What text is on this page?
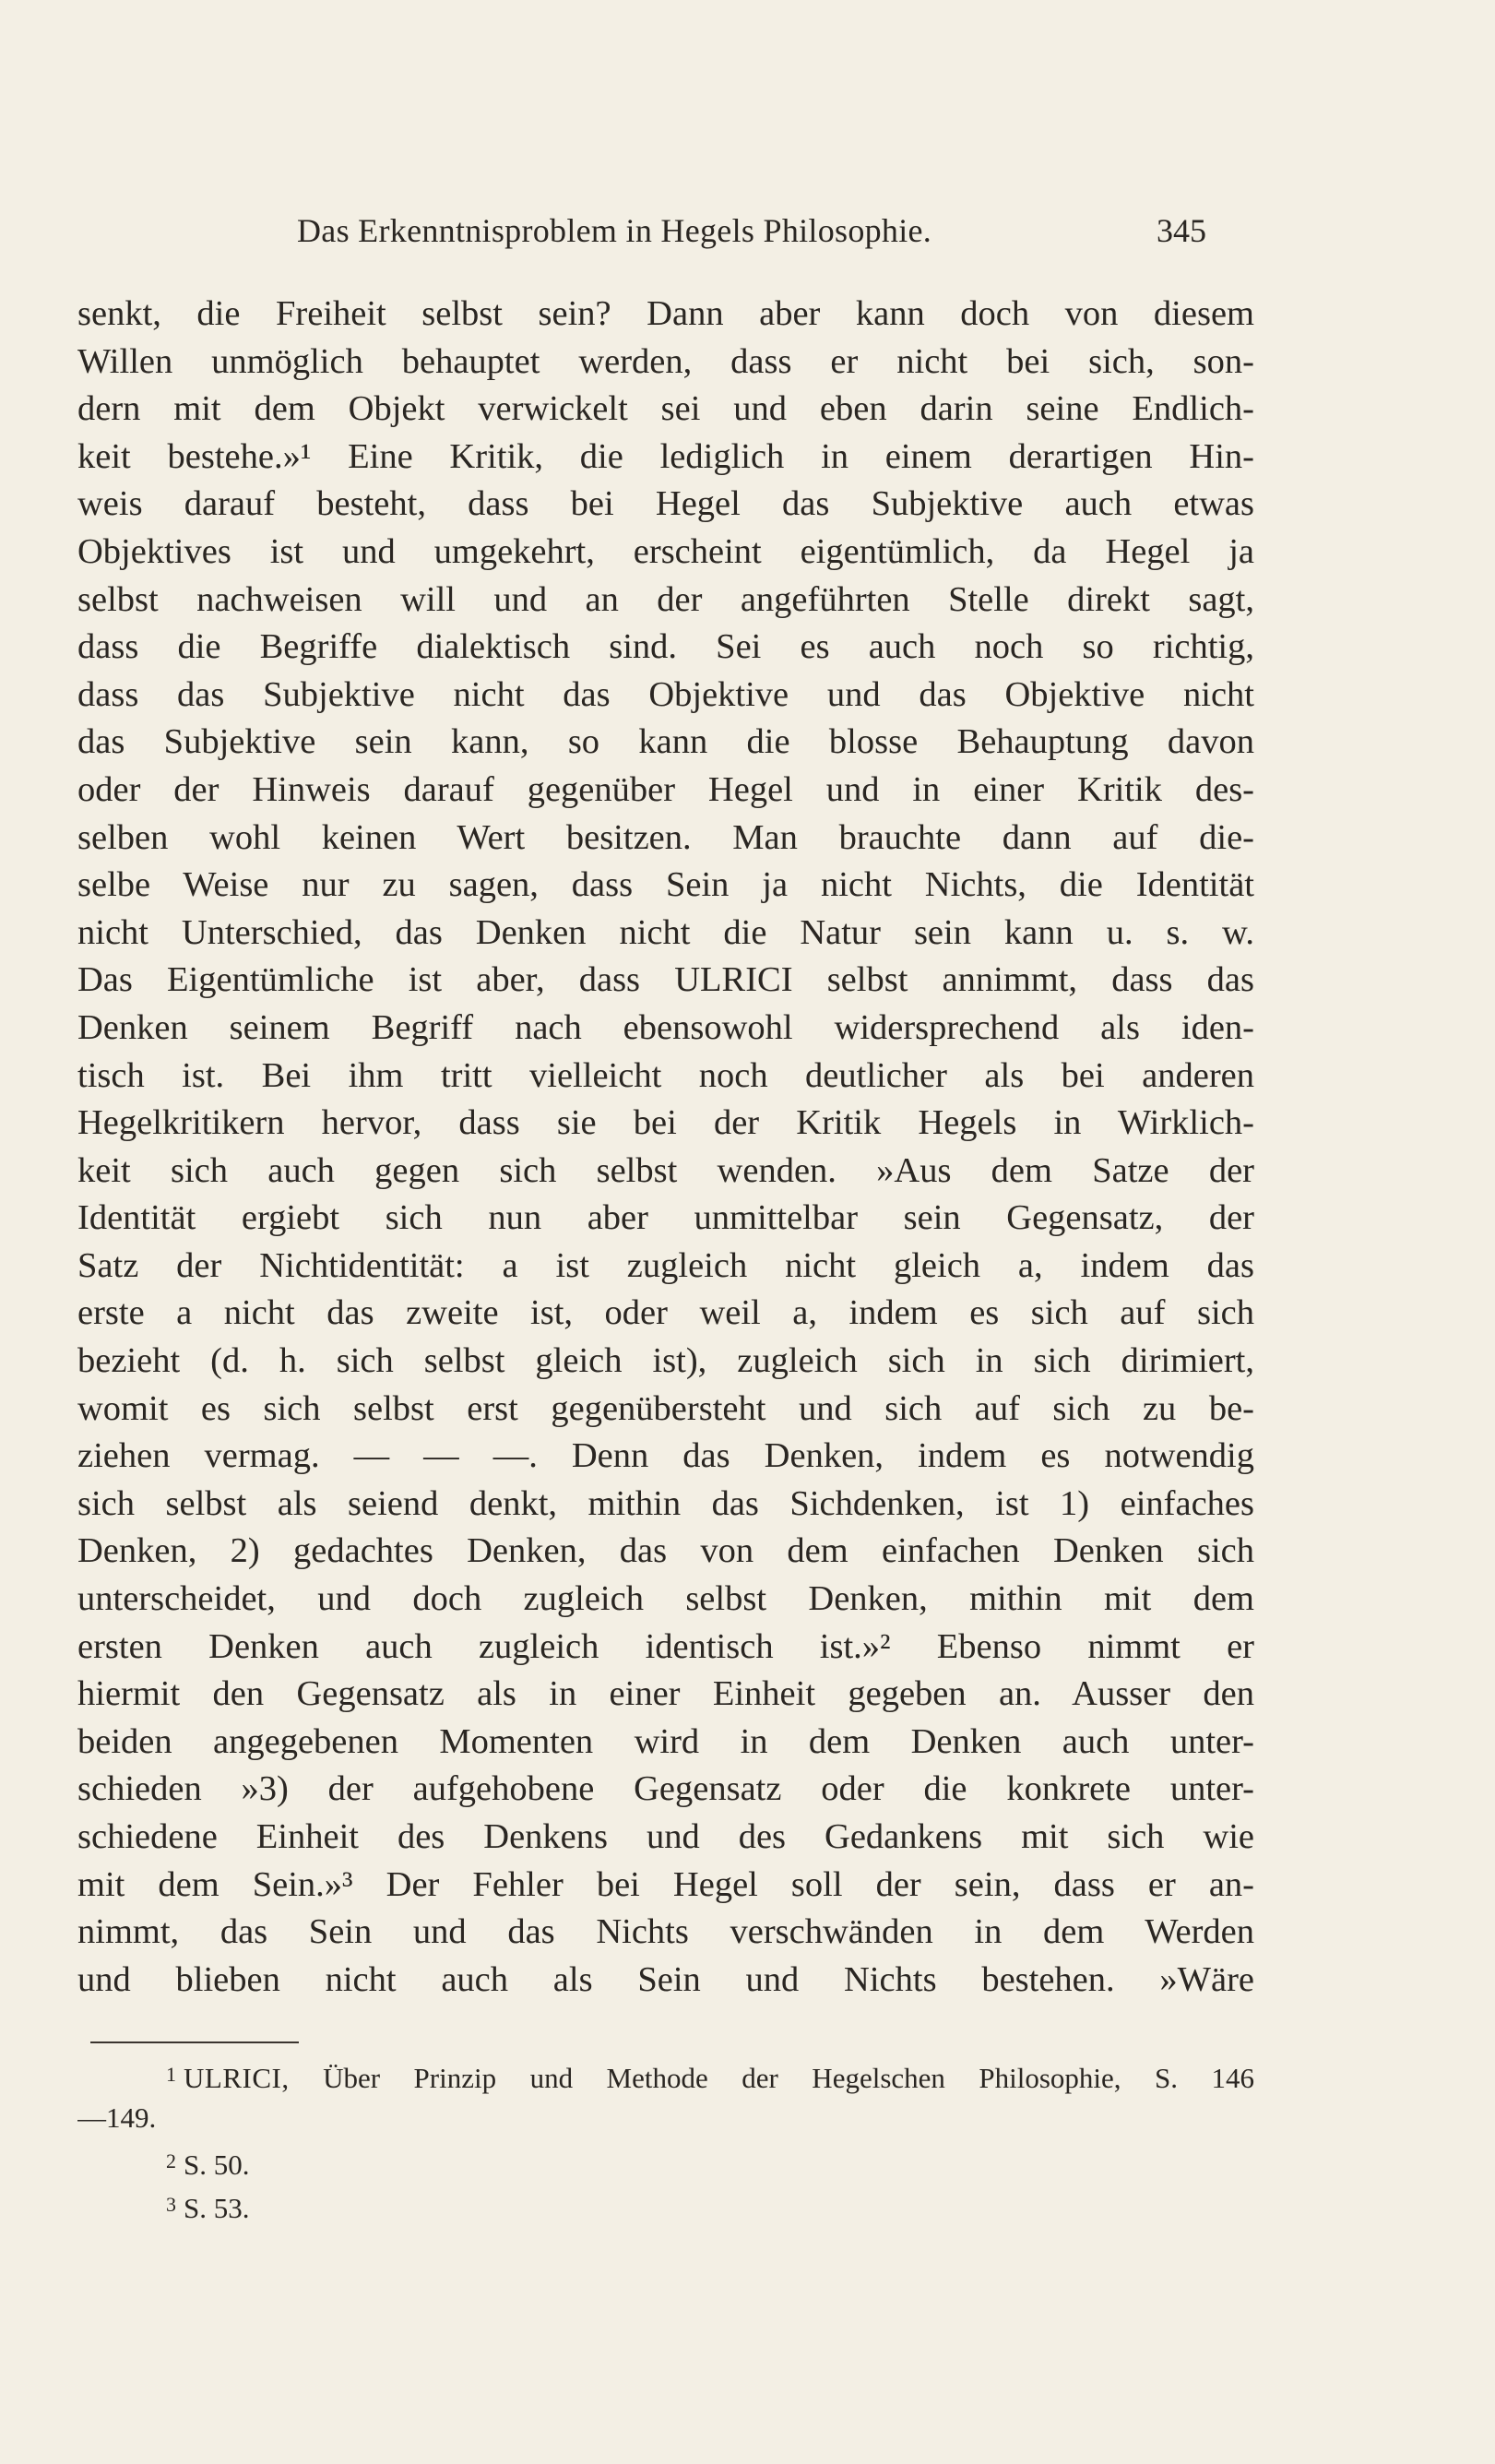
Das Erkenntnisproblem in Hegels Philosophie.	345
senkt, die Freiheit selbst sein? Dann aber kann doch von diesem
Willen unmöglich behauptet werden, dass er nicht bei sich, son-
dern mit dem Objekt verwickelt sei und eben darin seine Endlich-
keit bestehe.»¹ Eine Kritik, die lediglich in einem derartigen Hin-
weis darauf besteht, dass bei Hegel das Subjektive auch etwas
Objektives ist und umgekehrt, erscheint eigentümlich, da Hegel ja
selbst nachweisen will und an der angeführten Stelle direkt sagt,
dass die Begriffe dialektisch sind. Sei es auch noch so richtig,
dass das Subjektive nicht das Objektive und das Objektive nicht
das Subjektive sein kann, so kann die blosse Behauptung davon
oder der Hinweis darauf gegenüber Hegel und in einer Kritik des-
selben wohl keinen Wert besitzen. Man brauchte dann auf die-
selbe Weise nur zu sagen, dass Sein ja nicht Nichts, die Identität
nicht Unterschied, das Denken nicht die Natur sein kann u. s. w.
Das Eigentümliche ist aber, dass ULRICI selbst annimmt, dass das
Denken seinem Begriff nach ebensowohl widersprechend als iden-
tisch ist. Bei ihm tritt vielleicht noch deutlicher als bei anderen
Hegelkritikern hervor, dass sie bei der Kritik Hegels in Wirklich-
keit sich auch gegen sich selbst wenden. »Aus dem Satze der
Identität ergiebt sich nun aber unmittelbar sein Gegensatz, der
Satz der Nichtidentität: a ist zugleich nicht gleich a, indem das
erste a nicht das zweite ist, oder weil a, indem es sich auf sich
bezieht (d. h. sich selbst gleich ist), zugleich sich in sich dirimiert,
womit es sich selbst erst gegenübersteht und sich auf sich zu be-
ziehen vermag. — — —. Denn das Denken, indem es notwendig
sich selbst als seiend denkt, mithin das Sichdenken, ist 1) einfaches
Denken, 2) gedachtes Denken, das von dem einfachen Denken sich
unterscheidet, und doch zugleich selbst Denken, mithin mit dem
ersten Denken auch zugleich identisch ist.»² Ebenso nimmt er
hiermit den Gegensatz als in einer Einheit gegeben an. Ausser den
beiden angegebenen Momenten wird in dem Denken auch unter-
schieden »3) der aufgehobene Gegensatz oder die konkrete unter-
schiedene Einheit des Denkens und des Gedankens mit sich wie
mit dem Sein.»³ Der Fehler bei Hegel soll der sein, dass er an-
nimmt, das Sein und das Nichts verschwänden in dem Werden
und blieben nicht auch als Sein und Nichts bestehen. »Wäre
$^1$ ULRICI, Über Prinzip und Methode der Hegelschen Philosophie, S. 146
—149.
$^2$ S. 50.
$^3$ S. 53.
